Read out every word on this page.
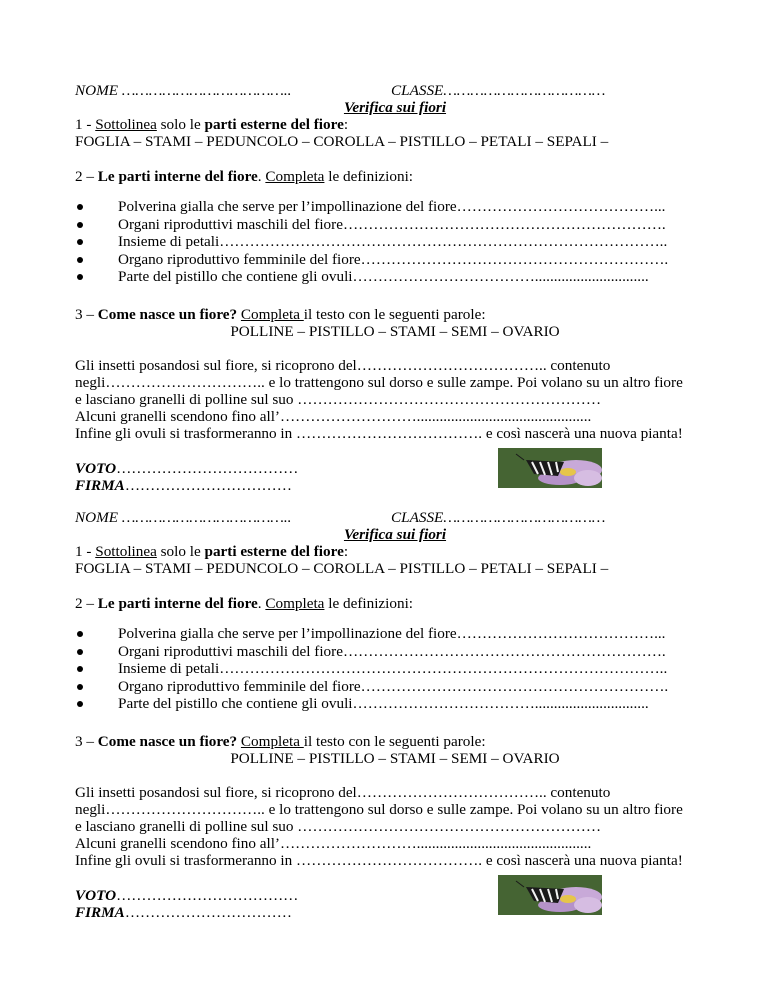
NOME ………………………………..	CLASSE………………………………
Verifica sui fiori
1 - Sottolinea solo le parti esterne del fiore:
FOGLIA – STAMI – PEDUNCOLO – COROLLA – PISTILLO – PETALI – SEPALI –
2 – Le parti interne del fiore. Completa le definizioni:
Polverina gialla che serve per l’impollinazione del fiore…………………………………...
Organi riproduttivi maschili del fiore……………………………………………………….
Insieme di petali……………………………………………………………………………..
Organo riproduttivo femminile del fiore…………………………………………………….
Parte del pistillo che contiene gli ovuli………………………………..............................
3 – Come nasce un fiore? Completa il testo con le seguenti parole:
POLLINE – PISTILLO – STAMI – SEMI – OVARIO
Gli insetti posandosi sul fiore, si ricoprono del……………………………….. contenuto
negli………………………….. e lo trattengono sul dorso e sulle zampe. Poi volano su un altro fiore
e lasciano granelli di polline sul suo ……………………………………………………
Alcuni granelli scendono fino all’………………………..............................................
Infine gli ovuli si trasformeranno in ………………………………. e così nascerà una nuova pianta!
VOTO………………………………
FIRMA……………………………
NOME ………………………………..	CLASSE………………………………
Verifica sui fiori
1 - Sottolinea solo le parti esterne del fiore:
FOGLIA – STAMI – PEDUNCOLO – COROLLA – PISTILLO – PETALI – SEPALI –
2 – Le parti interne del fiore. Completa le definizioni:
Polverina gialla che serve per l’impollinazione del fiore…………………………………...
Organi riproduttivi maschili del fiore……………………………………………………….
Insieme di petali……………………………………………………………………………..
Organo riproduttivo femminile del fiore…………………………………………………….
Parte del pistillo che contiene gli ovuli………………………………..............................
3 – Come nasce un fiore? Completa il testo con le seguenti parole:
POLLINE – PISTILLO – STAMI – SEMI – OVARIO
Gli insetti posandosi sul fiore, si ricoprono del……………………………….. contenuto
negli………………………….. e lo trattengono sul dorso e sulle zampe. Poi volano su un altro fiore
e lasciano granelli di polline sul suo ……………………………………………………
Alcuni granelli scendono fino all’………………………..............................................
Infine gli ovuli si trasformeranno in ………………………………. e così nascerà una nuova pianta!
VOTO………………………………
FIRMA……………………………
